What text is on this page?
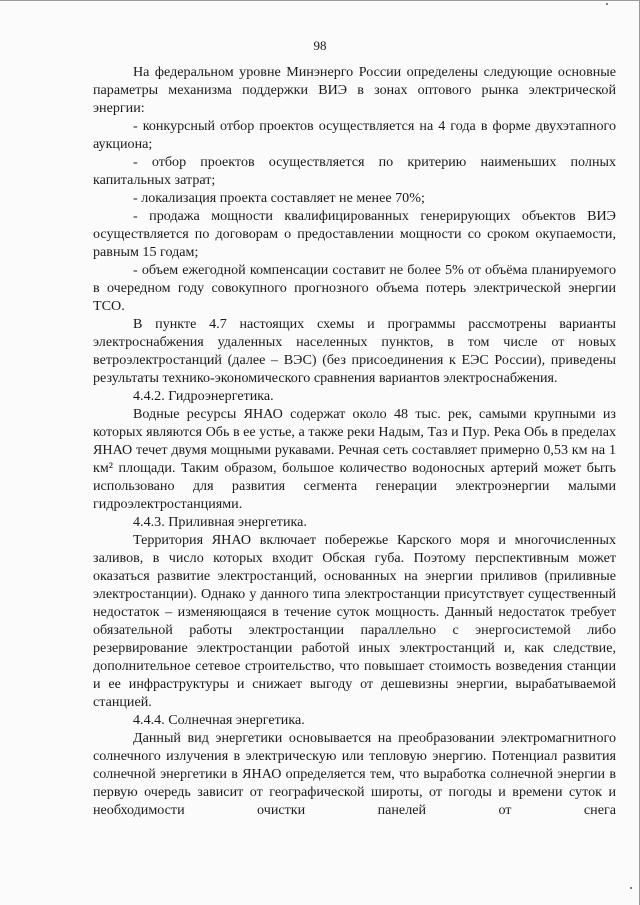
98

На федеральном уровне Минэнерго России определены следующие основные параметры механизма поддержки ВИЭ в зонах оптового рынка электрической энергии:

- конкурсный отбор проектов осуществляется на 4 года в форме двухэтапного аукциона;

- отбор проектов осуществляется по критерию наименьших полных капитальных затрат;

- локализация проекта составляет не менее 70%;

- продажа мощности квалифицированных генерирующих объектов ВИЭ осуществляется по договорам о предоставлении мощности со сроком окупаемости, равным 15 годам;

- объем ежегодной компенсации составит не более 5% от объёма планируемого в очередном году совокупного прогнозного объема потерь электрической энергии ТСО.

В пункте 4.7 настоящих схемы и программы рассмотрены варианты электроснабжения удаленных населенных пунктов, в том числе от новых ветроэлектростанций (далее – ВЭС) (без присоединения к ЕЭС России), приведены результаты технико-экономического сравнения вариантов электроснабжения.

4.4.2. Гидроэнергетика.

Водные ресурсы ЯНАО содержат около 48 тыс. рек, самыми крупными из которых являются Обь в ее устье, а также реки Надым, Таз и Пур. Река Обь в пределах ЯНАО течет двумя мощными рукавами. Речная сеть составляет примерно 0,53 км на 1 км² площади. Таким образом, большое количество водоносных артерий может быть использовано для развития сегмента генерации электроэнергии малыми гидроэлектростанциями.

4.4.3. Приливная энергетика.

Территория ЯНАО включает побережье Карского моря и многочисленных заливов, в число которых входит Обская губа. Поэтому перспективным может оказаться развитие электростанций, основанных на энергии приливов (приливные электростанции). Однако у данного типа электростанции присутствует существенный недостаток – изменяющаяся в течение суток мощность. Данный недостаток требует обязательной работы электростанции параллельно с энергосистемой либо резервирование электростанции работой иных электростанций и, как следствие, дополнительное сетевое строительство, что повышает стоимость возведения станции и ее инфраструктуры и снижает выгоду от дешевизны энергии, вырабатываемой станцией.

4.4.4. Солнечная энергетика.

Данный вид энергетики основывается на преобразовании электромагнитного солнечного излучения в электрическую или тепловую энергию. Потенциал развития солнечной энергетики в ЯНАО определяется тем, что выработка солнечной энергии в первую очередь зависит от географической широты, от погоды и времени суток и необходимости очистки панелей от снега
